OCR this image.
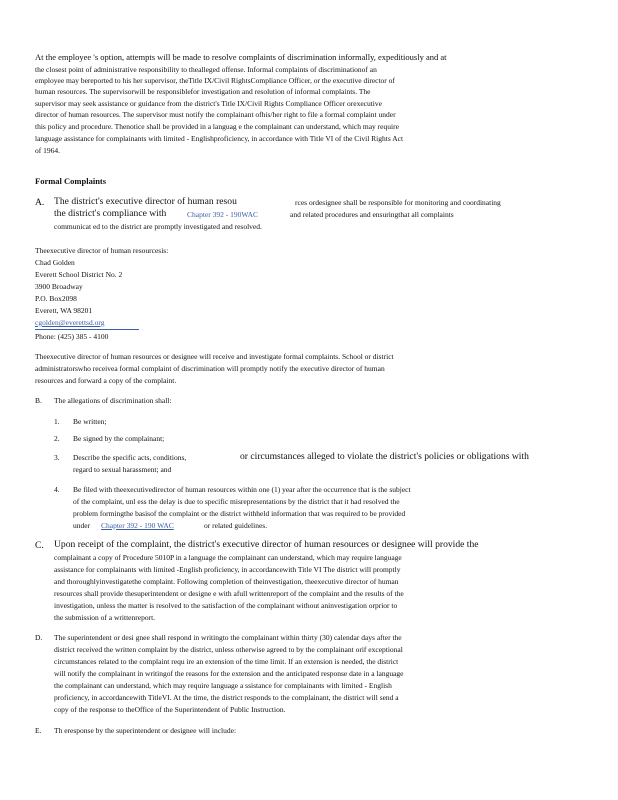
At the employee 's option, attempts will be made to resolve complaints of discrimination informally, expeditiously and at
the closest point of administrative responsibility to thealleged offense. Informal complaints of discriminationof an
employee may bereported to his her supervisor, theTitle IX/Civil RightsCompliance Officer, or the executive director of
human resources. The supervisorwill be responsiblefor investigation and resolution of informal complaints. The
supervisor may seek assistance or guidance from the district's Title IX/Civil Rights Compliance Officer orexecutive
director of human resources. The supervisor must notify the complainant ofhis/her right to file a formal complaint under
this policy and procedure. Thenotice shall be provided in a languag e the complainant can understand, which may require
language assistance for complainants with limited - Englishproficiency, in accordance with Title VI of the Civil Rights Act
of 1964.
Formal Complaints
A. The district's executive director of human resou	rces ordesignee shall be responsible for monitoring and coordinating
the district's compliance with	Chapter 392 - 190WAC	and related procedures and ensuringthat all complaints
communicat ed to the district are promptly investigated and resolved.
Theexecutive director of human resourcesis:
Chad Golden
Everett School District No. 2
3900 Broadway
P.O. Box2098
Everett, WA 98201
cgolden@everettsd.org
Phone: (425) 385 - 4100
Theexecutive director of human resources or designee will receive and investigate formal complaints. School or district
administratorswho receivea formal complaint of discrimination will promptly notify the executive director of human
resources and forward a copy of the complaint.
B. The allegations of discrimination shall:
1. Be written;
2. Be signed by the complainant;
3. Describe the specific acts, conditions,	or circumstances alleged to violate the district's policies or obligations with
regard to sexual harassment; and
4. Be filed with theexecutivedirector of human resources within one (1) year after the occurrence that is the subject
of the complaint, unl ess the delay is due to specific misrepresentations by the district that it had resolved the
problem formingthe basisof the complaint or the district withheld information that was required to be provided
under Chapter 392 - 190 WAC	or related guidelines.
C. Upon receipt of the complaint, the district's executive director of human resources or designee will provide the
complainant a copy of Procedure 5010P in a language the complainant can understand, which may require language
assistance for complainants with limited -English proficiency, in accordancewith Title VI The district will promptly
and thoroughlyinvestigatethe complaint. Following completion of theinvestigation, theexecutive director of human
resources shall provide thesuperintendent or designe e with afull writtenreport of the complaint and the results of the
investigation, unless the matter is resolved to the satisfaction of the complainant without aninvestigation orprior to
the submission of a writtenreport.
D. The superintendent or desi gnee shall respond in writingto the complainant within thirty (30) calendar days after the
district received the written complaint by the district, unless otherwise agreed to by the complainant orif exceptional
circumstances related to the complaint requ ire an extension of the time limit. If an extension is needed, the district
will notify the complainant in writingof the reasons for the extension and the anticipated response date in a language
the complainant can understand, which may require language a ssistance for complainants with limited - English
proficiency, in accordancewith TitleVI. At the time, the district responds to the complainant, the district will send a
copy of the response to theOffice of the Superintendent of Public Instruction.
E. Th eresponse by the superintendent or designee will include:
